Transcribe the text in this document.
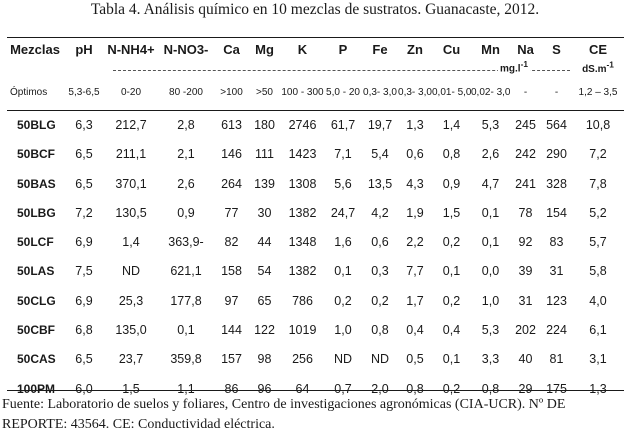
Tabla 4. Análisis químico en 10 mezclas de sustratos. Guanacaste, 2012.
Mezclas	pH	N-NH4+	N-NO3-	Ca	Mg	K	P	Fe	Zn	Cu	Mn	Na	S	CE

		$mg.l^{-1}$												$dS.m^{-1}$
Óptimos	5,3-6,5	0-20	80 -200	>100	>50	100 - 300	5,0 - 20	0,3- 3,0	0,3- 3,0	0,01- 5,0	0,02- 3,0	-	-	1,2 – 3,5
50BLG	6,3	212,7	2,8	613	180	2746	61,7	19,7	1,3	1,4	5,3	245	564	10,8
50BCF	6,5	211,1	2,1	146	111	1423	7,1	5,4	0,6	0,8	2,6	242	290	7,2
50BAS	6,5	370,1	2,6	264	139	1308	5,6	13,5	4,3	0,9	4,7	241	328	7,8
50LBG	7,2	130,5	0,9	77	30	1382	24,7	4,2	1,9	1,5	0,1	78	154	5,2
50LCF	6,9	1,4	363,9-	82	44	1348	1,6	0,6	2,2	0,2	0,1	92	83	5,7
50LAS	7,5	ND	621,1	158	54	1382	0,1	0,3	7,7	0,1	0,0	39	31	5,8
50CLG	6,9	25,3	177,8	97	65	786	0,2	0,2	1,7	0,2	1,0	31	123	4,0
50CBF	6,8	135,0	0,1	144	122	1019	1,0	0,8	0,4	0,4	5,3	202	224	6,1
50CAS	6,5	23,7	359,8	157	98	256	ND	ND	0,5	0,1	3,3	40	81	3,1
100PM	6,0	1,5	1,1	86	96	64	0,7	2,0	0,8	0,2	0,8	29	175	1,3
Fuente: Laboratorio de suelos y foliares, Centro de investigaciones agronómicas (CIA-UCR). Nº DE REPORTE: 43564. CE: Conductividad eléctrica.
